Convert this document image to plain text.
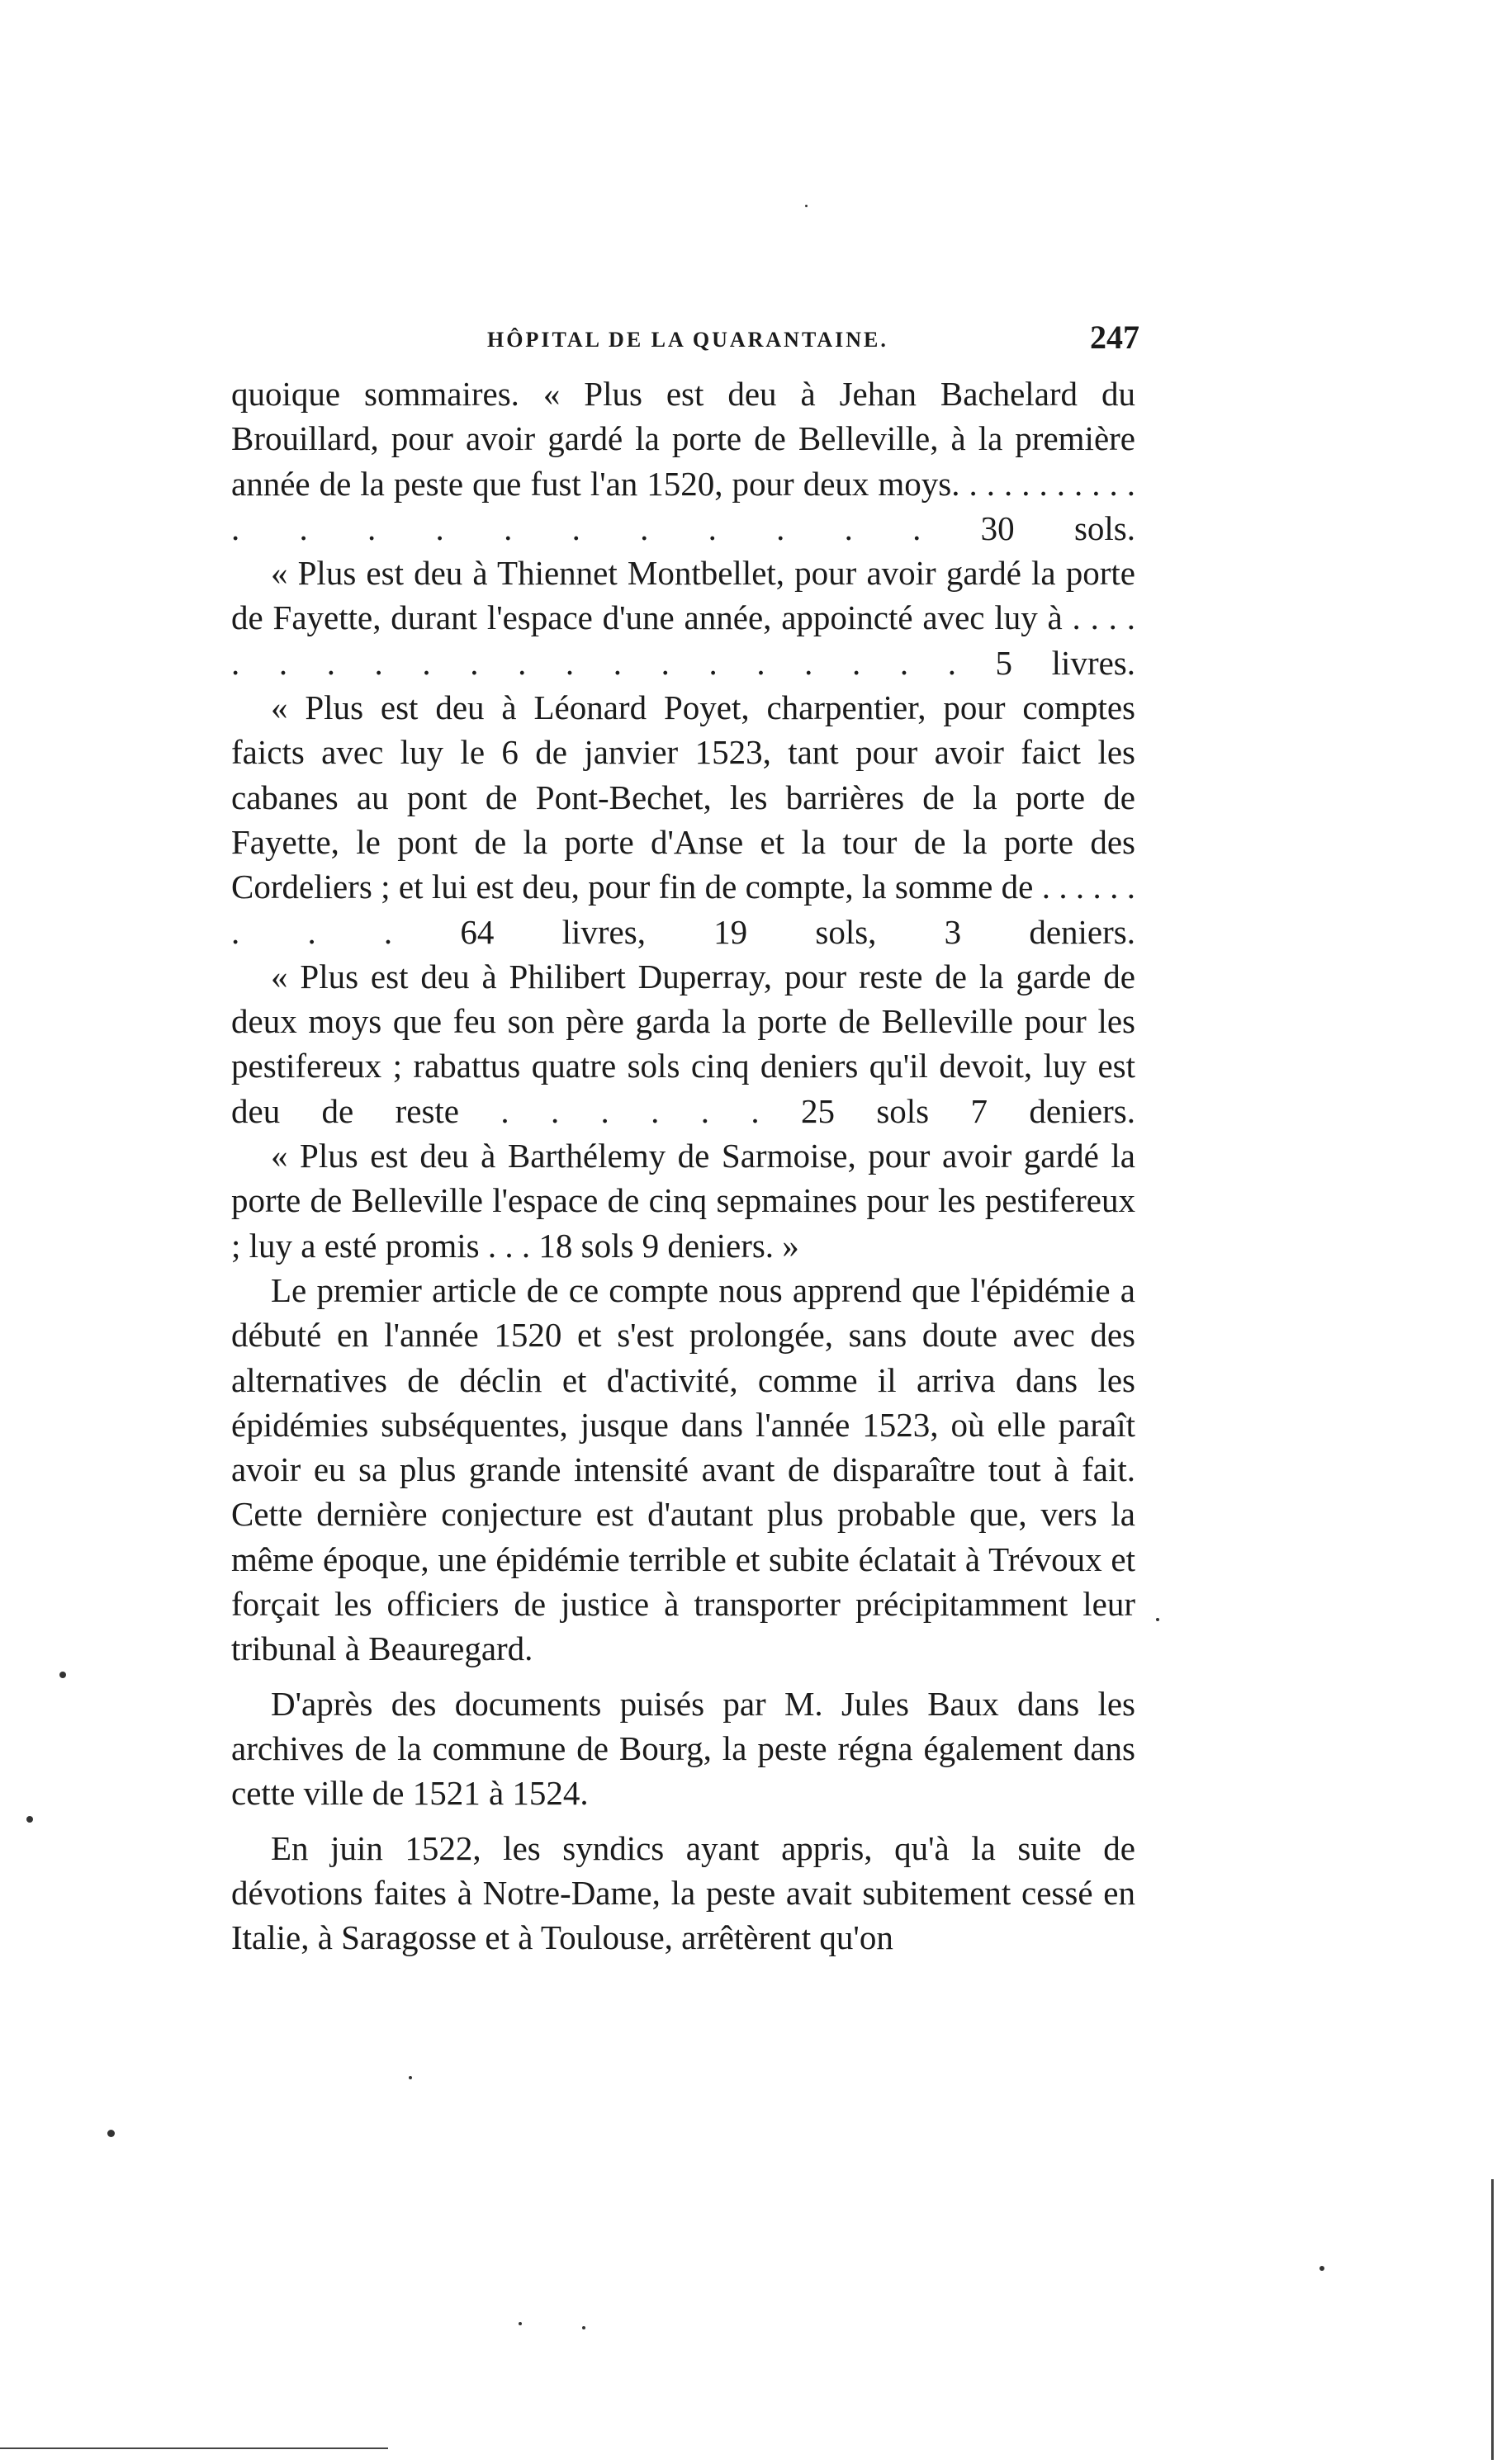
HÔPITAL DE LA QUARANTAINE.	247

quoique sommaires. « Plus est deu à Jehan Bachelard du Brouillard, pour avoir gardé la porte de Belleville, à la première année de la peste que fust l'an 1520, pour deux moys. . . . . . . . . . . . . . . . . . . . . . 30 sols.

« Plus est deu à Thiennet Montbellet, pour avoir gardé la porte de Fayette, durant l'espace d'une année, appoincté avec luy à . . . . . . . . . . . . . . . . . . . . 5 livres.

« Plus est deu à Léonard Poyet, charpentier, pour comptes faicts avec luy le 6 de janvier 1523, tant pour avoir faict les cabanes au pont de Pont-Bechet, les barrières de la porte de Fayette, le pont de la porte d'Anse et la tour de la porte des Cordeliers ; et lui est deu, pour fin de compte, la somme de . . . . . . . . . 64 livres, 19 sols, 3 deniers.

« Plus est deu à Philibert Duperray, pour reste de la garde de deux moys que feu son père garda la porte de Belleville pour les pestifereux ; rabattus quatre sols cinq deniers qu'il devoit, luy est deu de reste . . . . . . 25 sols 7 deniers.

« Plus est deu à Barthélemy de Sarmoise, pour avoir gardé la porte de Belleville l'espace de cinq sepmaines pour les pestifereux ; luy a esté promis . . . 18 sols 9 deniers. »

Le premier article de ce compte nous apprend que l'épidémie a débuté en l'année 1520 et s'est prolongée, sans doute avec des alternatives de déclin et d'activité, comme il arriva dans les épidémies subséquentes, jusque dans l'année 1523, où elle paraît avoir eu sa plus grande intensité avant de disparaître tout à fait. Cette dernière conjecture est d'autant plus probable que, vers la même époque, une épidémie terrible et subite éclatait à Trévoux et forçait les officiers de justice à transporter précipitamment leur tribunal à Beauregard.

D'après des documents puisés par M. Jules Baux dans les archives de la commune de Bourg, la peste régna également dans cette ville de 1521 à 1524.

En juin 1522, les syndics ayant appris, qu'à la suite de dévotions faites à Notre-Dame, la peste avait subitement cessé en Italie, à Saragosse et à Toulouse, arrêtèrent qu'on
